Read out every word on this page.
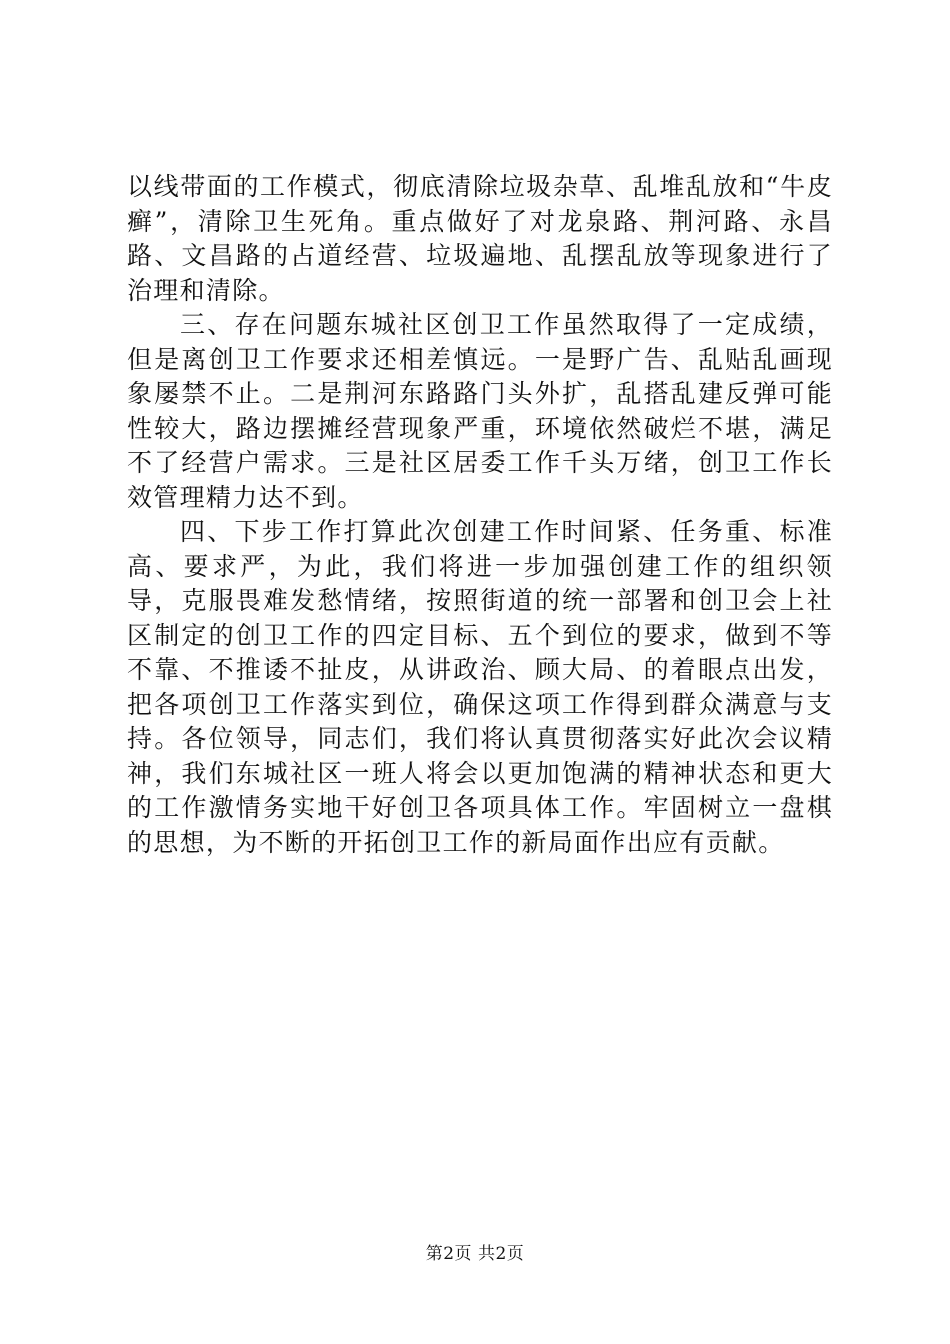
以线带面的工作模式，彻底清除垃圾杂草、乱堆乱放和“牛皮癣”，清除卫生死角。重点做好了对龙泉路、荆河路、永昌路、文昌路的占道经营、垃圾遍地、乱摆乱放等现象进行了治理和清除。

三、存在问题东城社区创卫工作虽然取得了一定成绩，但是离创卫工作要求还相差慎远。一是野广告、乱贴乱画现象屡禁不止。二是荆河东路路门头外扩，乱搭乱建反弹可能性较大，路边摆摊经营现象严重，环境依然破烂不堪，满足不了经营户需求。三是社区居委工作千头万绪，创卫工作长效管理精力达不到。

四、下步工作打算此次创建工作时间紧、任务重、标准高、要求严，为此，我们将进一步加强创建工作的组织领导，克服畏难发愁情绪，按照街道的统一部署和创卫会上社区制定的创卫工作的四定目标、五个到位的要求，做到不等不靠、不推诿不扯皮，从讲政治、顾大局、的着眼点出发，把各项创卫工作落实到位，确保这项工作得到群众满意与支持。各位领导，同志们，我们将认真贯彻落实好此次会议精神，我们东城社区一班人将会以更加饱满的精神状态和更大的工作激情务实地干好创卫各项具体工作。牢固树立一盘棋的思想，为不断的开拓创卫工作的新局面作出应有贡献。

第2页 共2页
